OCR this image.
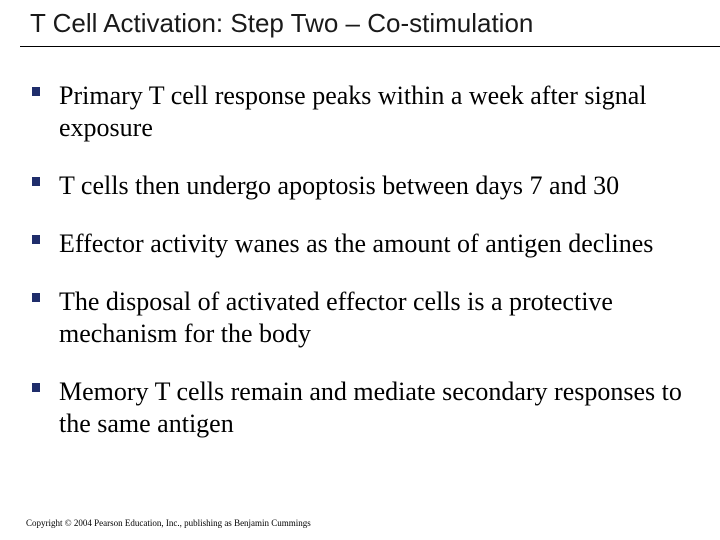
T Cell Activation: Step Two – Co-stimulation
Primary T cell response peaks within a week after signal exposure
T cells then undergo apoptosis between days 7 and 30
Effector activity wanes as the amount of antigen declines
The disposal of activated effector cells is a protective mechanism for the body
Memory T cells remain and mediate secondary responses to the same antigen
Copyright © 2004 Pearson Education, Inc., publishing as Benjamin Cummings
